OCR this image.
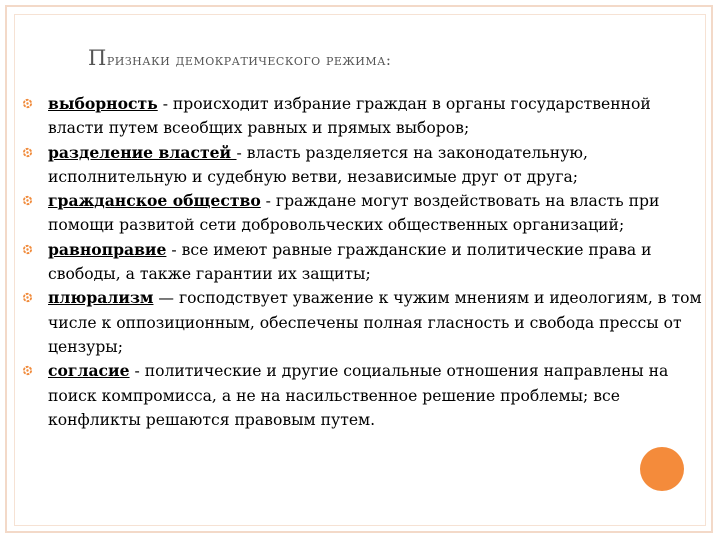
Признаки демократического режима:
выборность - происходит избрание граждан в органы государственной власти путем всеобщих равных и прямых выборов;
разделение властей - власть разделяется на законодательную, исполнительную и судебную ветви, независимые друг от друга;
гражданское общество - граждане могут воздействовать на власть при помощи развитой сети добровольческих общественных организаций;
равноправие - все имеют равные гражданские и политические права и свободы, а также гарантии их защиты;
плюрализм — господствует уважение к чужим мнениям и идеологиям, в том числе к оппозиционным, обеспечены полная гласность и свобода прессы от цензуры;
согласие - политические и другие социальные отношения направлены на поиск компромисса, а не на насильственное решение проблемы; все конфликты решаются правовым путем.
